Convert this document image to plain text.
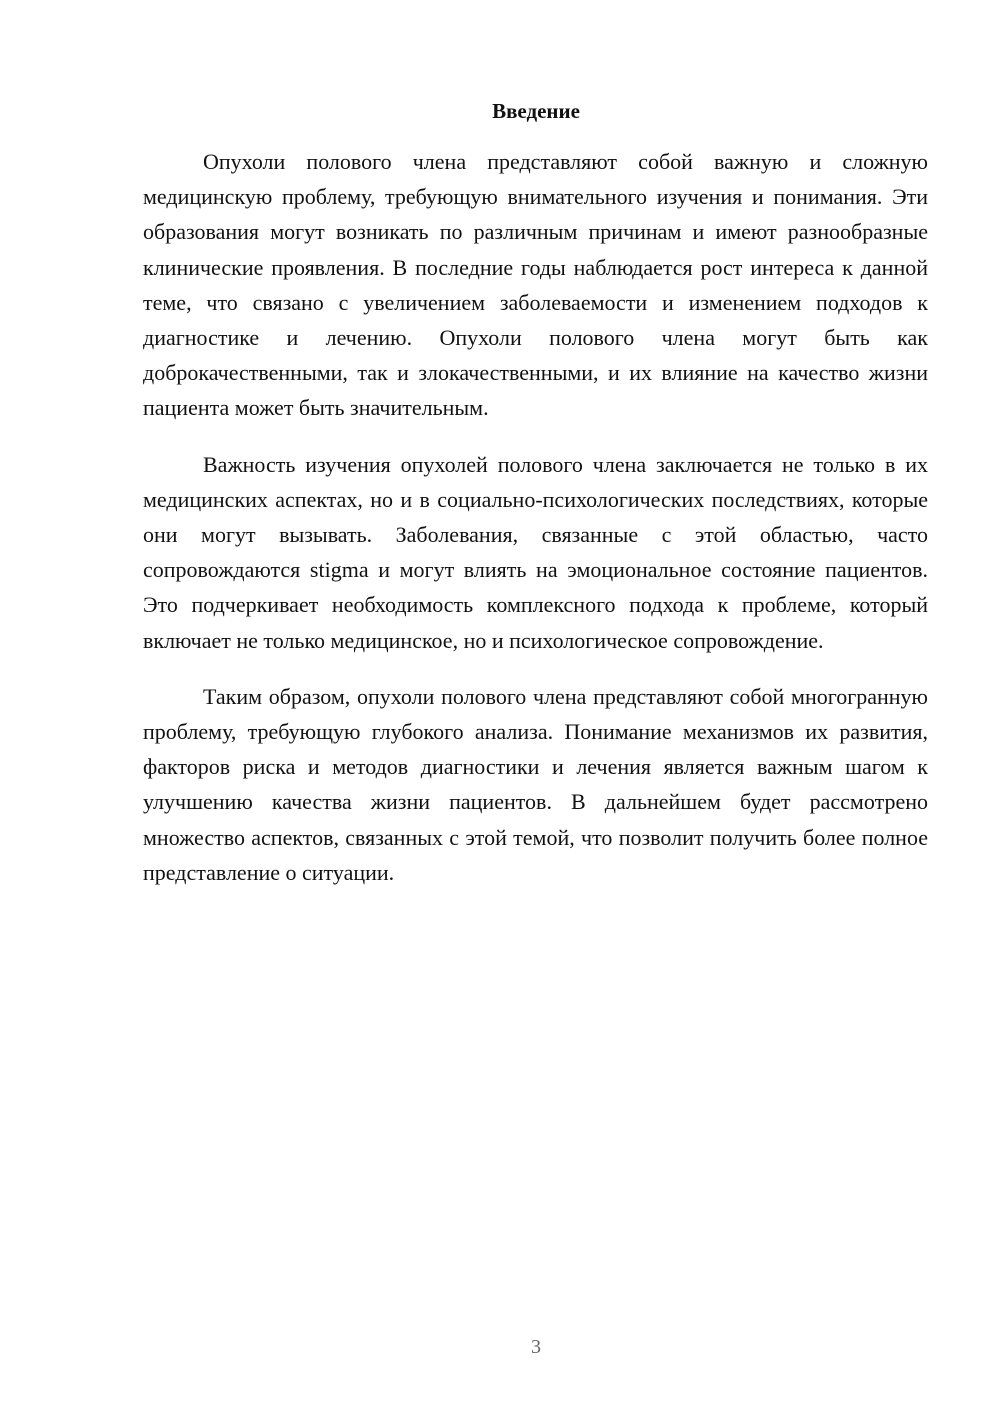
Введение

Опухоли полового члена представляют собой важную и сложную медицинскую проблему, требующую внимательного изучения и понимания. Эти образования могут возникать по различным причинам и имеют разнообразные клинические проявления. В последние годы наблюдается рост интереса к данной теме, что связано с увеличением заболеваемости и изменением подходов к диагностике и лечению. Опухоли полового члена могут быть как доброкачественными, так и злокачественными, и их влияние на качество жизни пациента может быть значительным.

Важность изучения опухолей полового члена заключается не только в их медицинских аспектах, но и в социально-психологических последствиях, которые они могут вызывать. Заболевания, связанные с этой областью, часто сопровождаются stigma и могут влиять на эмоциональное состояние пациентов. Это подчеркивает необходимость комплексного подхода к проблеме, который включает не только медицинское, но и психологическое сопровождение.

Таким образом, опухоли полового члена представляют собой многогранную проблему, требующую глубокого анализа. Понимание механизмов их развития, факторов риска и методов диагностики и лечения является важным шагом к улучшению качества жизни пациентов. В дальнейшем будет рассмотрено множество аспектов, связанных с этой темой, что позволит получить более полное представление о ситуации.

3
